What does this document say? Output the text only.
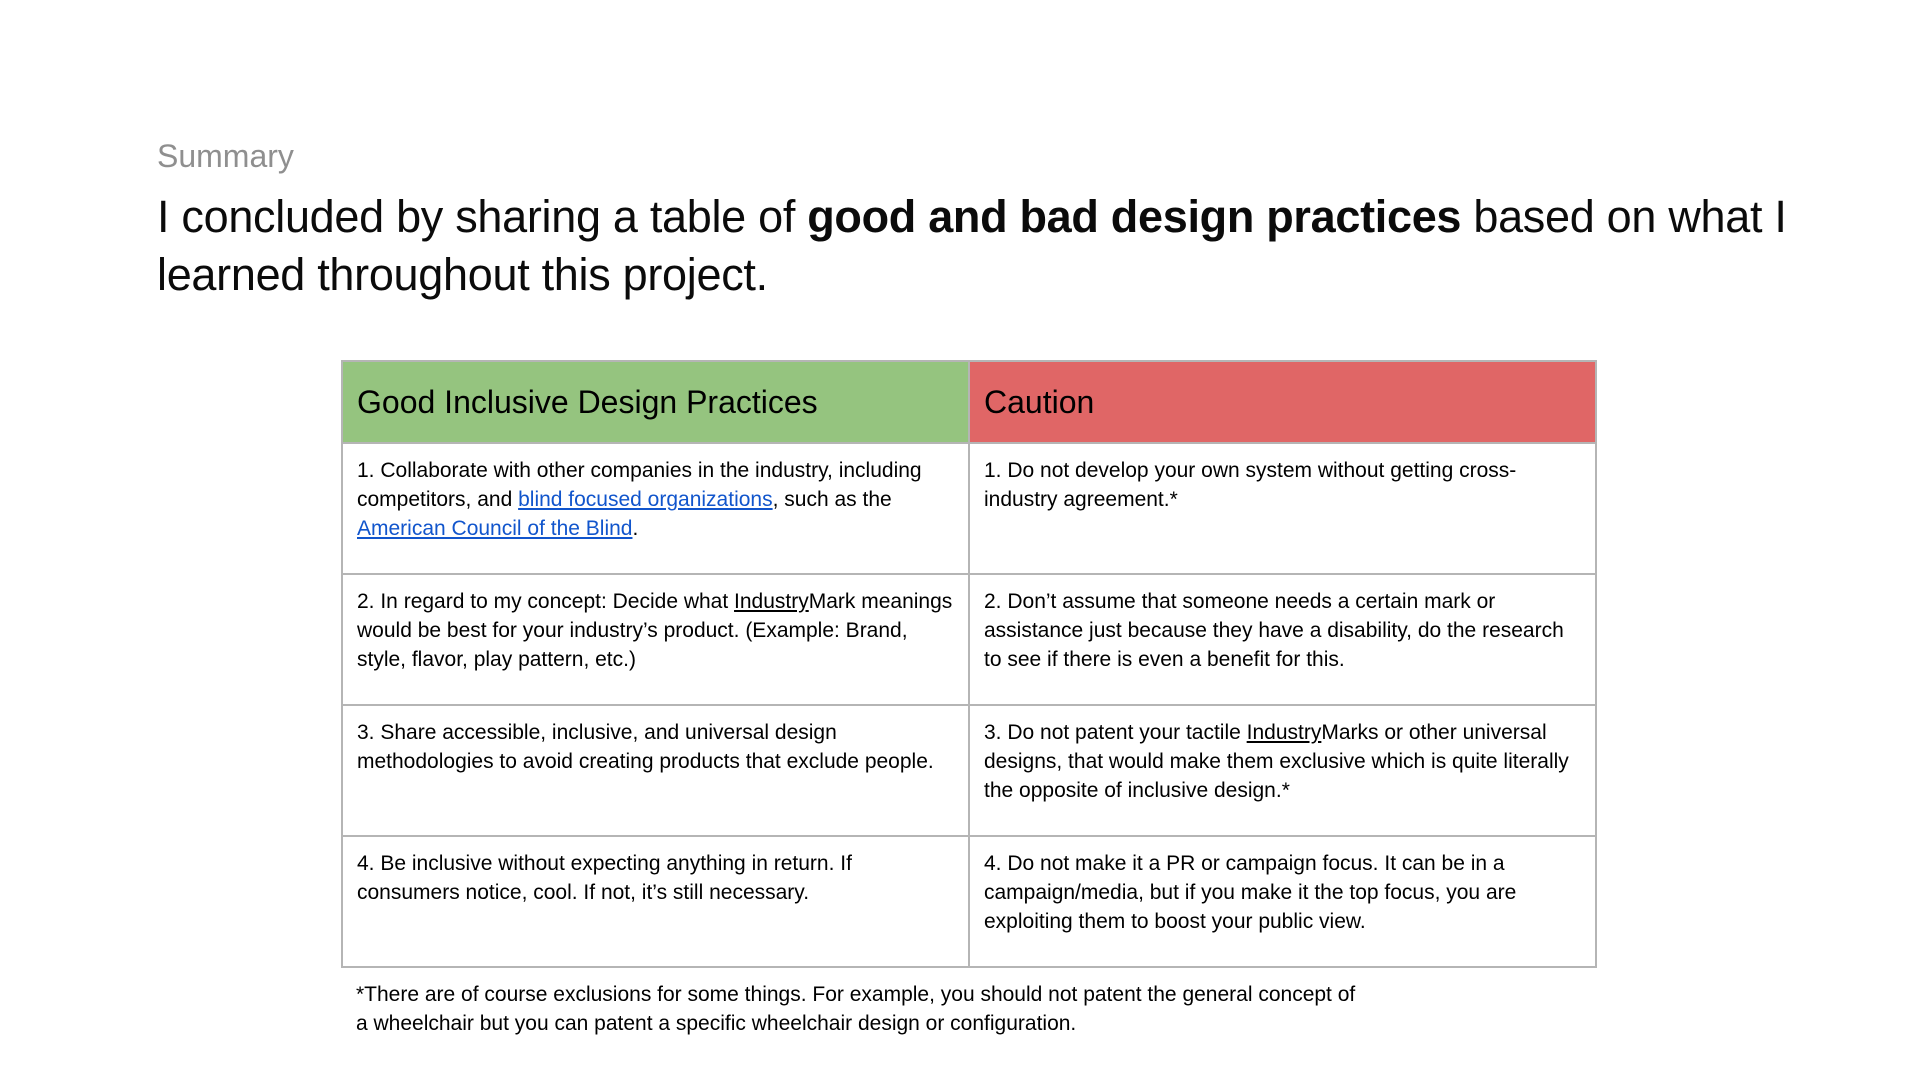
Summary
I concluded by sharing a table of good and bad design practices based on what I learned throughout this project.
Good Inclusive Design Practices	Caution
1. Collaborate with other companies in the industry, including competitors, and blind focused organizations, such as the American Council of the Blind.	1. Do not develop your own system without getting cross-industry agreement.*
2. In regard to my concept: Decide what IndustryMark meanings would be best for your industry’s product. (Example: Brand, style, flavor, play pattern, etc.)	2. Don’t assume that someone needs a certain mark or assistance just because they have a disability, do the research to see if there is even a benefit for this.
3. Share accessible, inclusive, and universal design methodologies to avoid creating products that exclude people.	3. Do not patent your tactile IndustryMarks or other universal designs, that would make them exclusive which is quite literally the opposite of inclusive design.*
4. Be inclusive without expecting anything in return. If consumers notice, cool. If not, it’s still necessary.	4. Do not make it a PR or campaign focus. It can be in a campaign/media, but if you make it the top focus, you are exploiting them to boost your public view.
*There are of course exclusions for some things. For example, you should not patent the general concept of a wheelchair but you can patent a specific wheelchair design or configuration.
